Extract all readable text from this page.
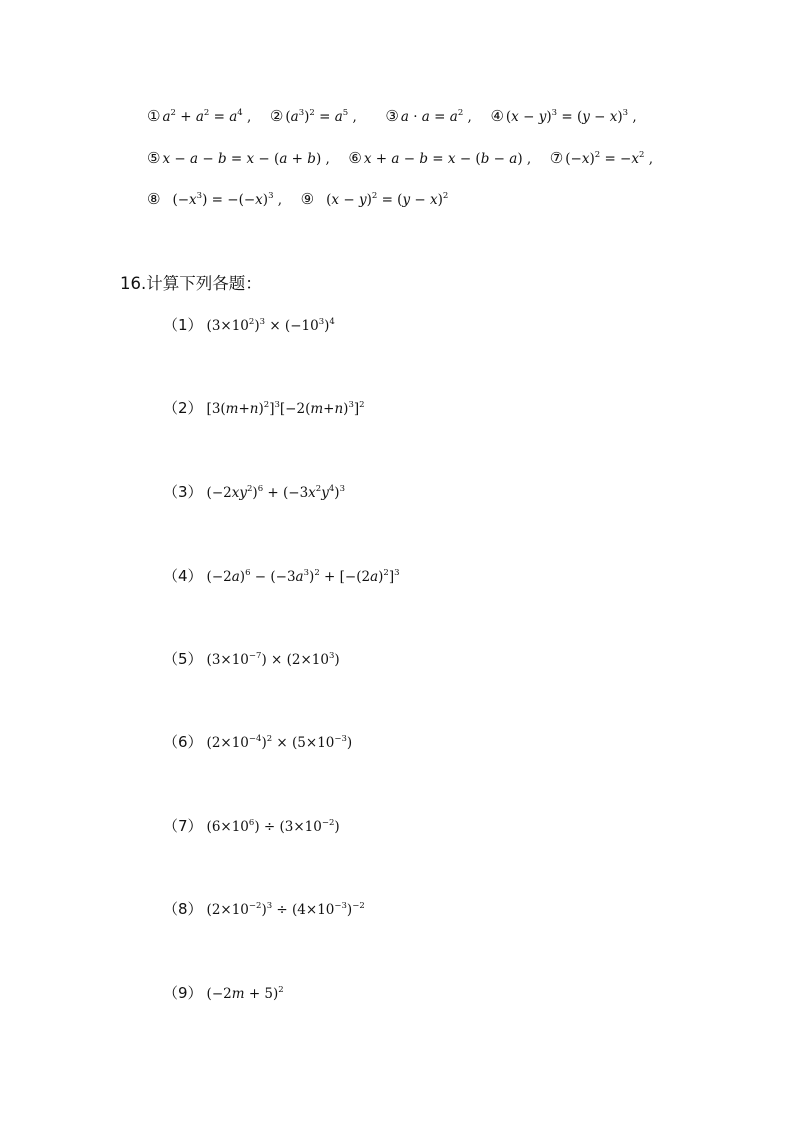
① $a^2 + a^2 = a^4$ , ② $(a^3)^2 = a^5$ , ③ $a \cdot a = a^2$ , ④ $(x - y)^3 = (y - x)^3$ ,
⑤ x − a − b = x − (a + b) , ⑥ x + a − b = x − (b − a) , ⑦ $(-x)^2 = -x^2$ ,
⑧ $(-x^3) = -(-x)^3$ , ⑨ $(x - y)^2 = (y - x)^2$
16.计算下列各题：
（1） $(3\times 10^2)^3 \times (-10^3)^4$
（2） $[3(m+n)^2]^3[-2(m+n)^3]^2$
（3） $(-2xy^2)^6 + (-3x^2y^4)^3$
（4） $(-2a)^6 - (-3a^3)^2 + [-(2a)^2]^3$
（5） $(3\times 10^{-7}) \times (2\times 10^3)$
（6） $(2\times 10^{-4})^2 \times (5\times 10^{-3})$
（7） $(6\times 10^6) \div (3\times 10^{-2})$
（8） $(2\times 10^{-2})^3 \div (4\times 10^{-3})^{-2}$
（9） $(-2m + 5)^2$
